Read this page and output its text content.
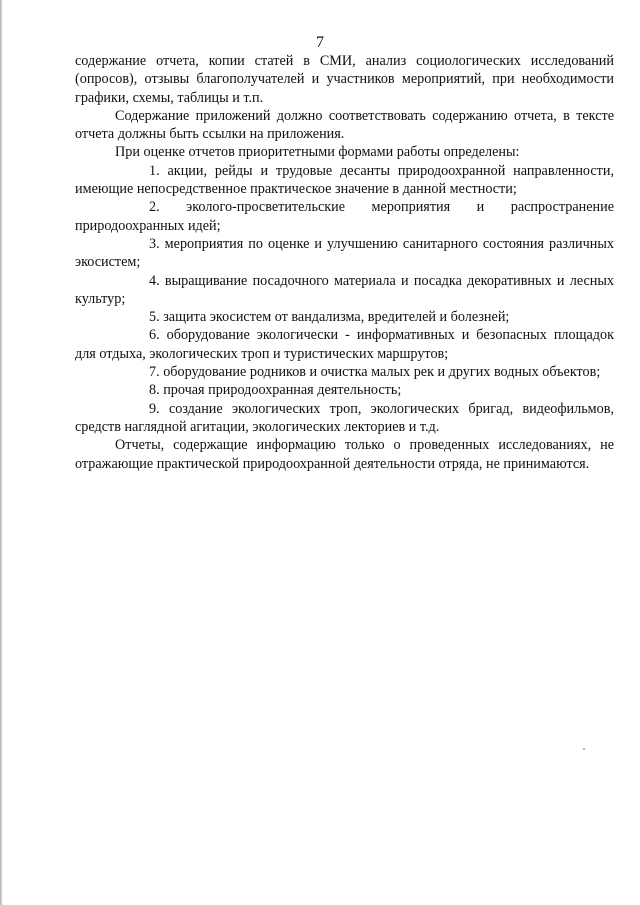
7

содержание отчета, копии статей в СМИ, анализ социологических исследований (опросов), отзывы благополучателей и участников мероприятий, при необходимости графики, схемы, таблицы и т.п.

Содержание приложений должно соответствовать содержанию отчета, в тексте отчета должны быть ссылки на приложения.

При оценке отчетов приоритетными формами работы определены:

1. акции, рейды и трудовые десанты природоохранной направленности, имеющие непосредственное практическое значение в данной местности;

2. эколого-просветительские мероприятия и распространение природоохранных идей;

3. мероприятия по оценке и улучшению санитарного состояния различных экосистем;

4. выращивание посадочного материала и посадка декоративных и лесных культур;

5. защита экосистем от вандализма, вредителей и болезней;

6. оборудование экологически - информативных и безопасных площадок для отдыха, экологических троп и туристических маршрутов;

7. оборудование родников и очистка малых рек и других водных объектов;

8. прочая природоохранная деятельность;

9. создание экологических троп, экологических бригад, видеофильмов, средств наглядной агитации, экологических лекториев и т.д.

Отчеты, содержащие информацию только о проведенных исследованиях, не отражающие практической природоохранной деятельности отряда, не принимаются.
